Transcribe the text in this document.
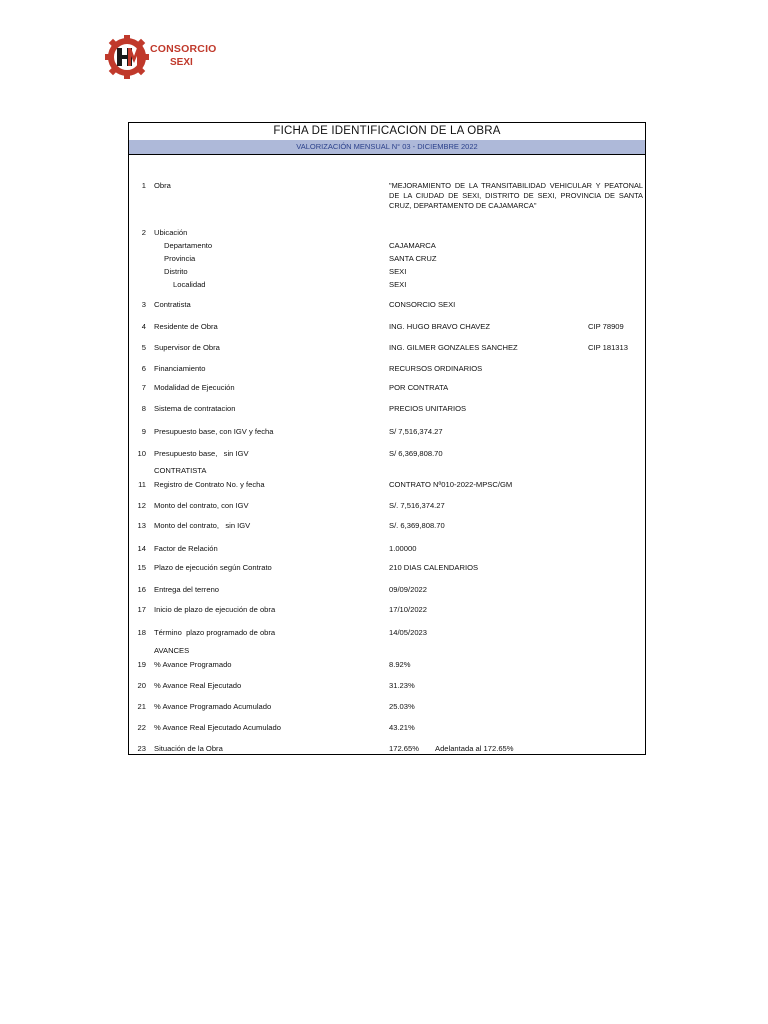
CONSORCIO
SEXI
FICHA DE IDENTIFICACION DE LA OBRA
VALORIZACIÓN MENSUAL N° 03 - DICIEMBRE 2022
1 Obra	"MEJORAMIENTO DE LA TRANSITABILIDAD VEHICULAR Y PEATONAL DE LA CIUDAD DE SEXI, DISTRITO DE SEXI, PROVINCIA DE SANTA CRUZ, DEPARTAMENTO DE CAJAMARCA"
2 Ubicación
Departamento	CAJAMARCA
Provincia	SANTA CRUZ
Distrito	SEXI
Localidad	SEXI
3 Contratista	CONSORCIO SEXI
4 Residente de Obra	ING. HUGO BRAVO CHAVEZ	CIP 78909
5 Supervisor de Obra	ING. GILMER GONZALES SANCHEZ	CIP 181313
6 Financiamiento	RECURSOS ORDINARIOS
7 Modalidad de Ejecución	POR CONTRATA
8 Sistema de contratacion	PRECIOS UNITARIOS
9 Presupuesto base, con IGV y fecha	S/ 7,516,374.27
10 Presupuesto base,   sin IGV	S/ 6,369,808.70
CONTRATISTA
11 Registro de Contrato No. y fecha	CONTRATO Nº010-2022-MPSC/GM
12 Monto del contrato, con IGV	S/. 7,516,374.27
13 Monto del contrato,   sin IGV	S/. 6,369,808.70
14 Factor de Relación	1.00000
15 Plazo de ejecución según Contrato	210 DIAS CALENDARIOS
16 Entrega del terreno	09/09/2022
17 Inicio de plazo de ejecución de obra	17/10/2022
18 Término  plazo programado de obra	14/05/2023
AVANCES
19 % Avance Programado	8.92%
20 % Avance Real Ejecutado	31.23%
21 % Avance Programado Acumulado	25.03%
22 % Avance Real Ejecutado Acumulado	43.21%
23 Situación de la Obra	172.65% Adelantada al 172.65%
